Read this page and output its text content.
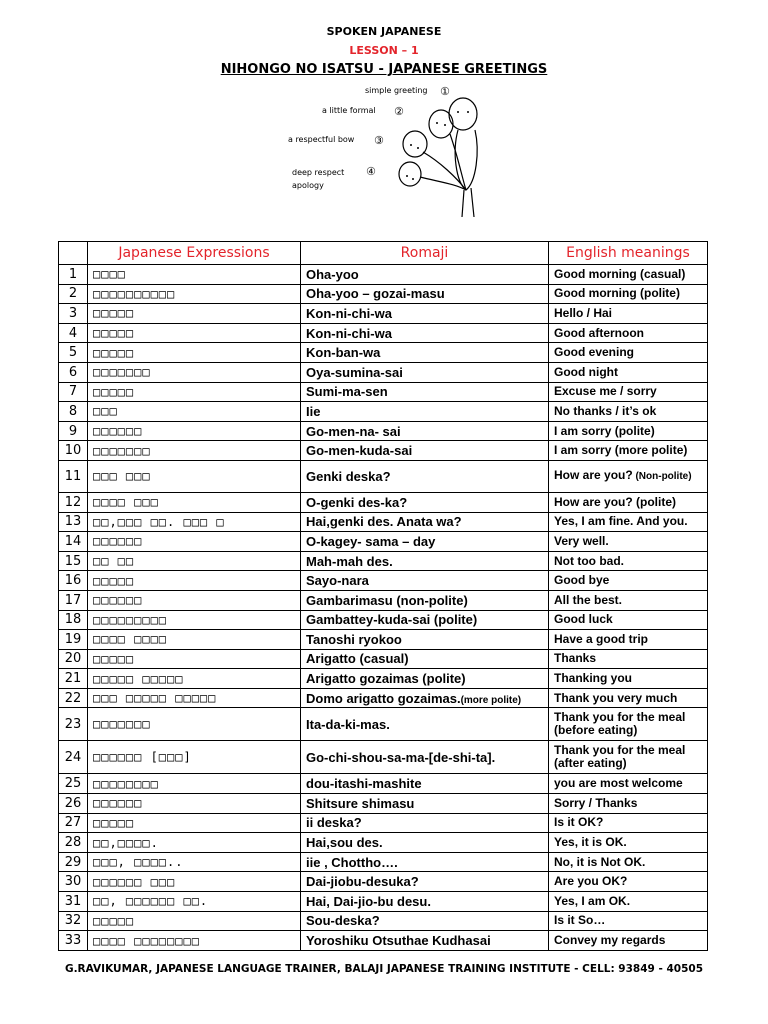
SPOKEN JAPANESE
LESSON – 1
NIHONGO NO ISATSU - JAPANESE GREETINGS
simple greeting
a little formal
a respectful bow
deep respect
apology
①
②
③
④
	Japanese Expressions	Romaji	English meanings
1	□□□□	Oha-yoo	Good morning (casual)
2	□□□□□□□□□□	Oha-yoo – gozai-masu	Good morning (polite)
3	□□□□□	Kon-ni-chi-wa	Hello / Hai
4	□□□□□	Kon-ni-chi-wa	Good afternoon
5	□□□□□	Kon-ban-wa	Good evening
6	□□□□□□□	Oya-sumina-sai	Good night
7	□□□□□	Sumi-ma-sen	Excuse me / sorry
8	□□□	Iie	No thanks / it’s ok
9	□□□□□□	Go-men-na- sai	I am sorry (polite)
10	□□□□□□□	Go-men-kuda-sai	I am sorry (more polite)
11	□□□ □□□	Genki deska?	How are you? (Non-polite)
12	□□□□ □□□	O-genki des-ka?	How are you? (polite)
13	□□,□□□ □□. □□□ □	Hai,genki des. Anata wa?	Yes, I am fine. And you.
14	□□□□□□	O-kagey- sama – day	Very well.
15	□□ □□	Mah-mah des.	Not too bad.
16	□□□□□	Sayo-nara	Good bye
17	□□□□□□	Gambarimasu (non-polite)	All the best.
18	□□□□□□□□□	Gambattey-kuda-sai (polite)	Good luck
19	□□□□ □□□□	Tanoshi ryokoo	Have a good trip
20	□□□□□	Arigatto (casual)	Thanks
21	□□□□□ □□□□□	Arigatto gozaimas (polite)	Thanking you
22	□□□ □□□□□ □□□□□	Domo arigatto gozaimas.(more polite)	Thank you very much
23	□□□□□□□	Ita-da-ki-mas.	Thank you for the meal (before eating)
24	□□□□□□ [□□□]	Go-chi-shou-sa-ma-[de-shi-ta].	Thank you for the meal (after eating)
25	□□□□□□□□	dou-itashi-mashite	you are most welcome
26	□□□□□□	Shitsure shimasu	Sorry / Thanks
27	□□□□□	ii deska?	Is it OK?
28	□□,□□□□.	Hai,sou des.	Yes, it is OK.
29	□□□, □□□□..	iie , Chottho….	No, it is Not OK.
30	□□□□□□ □□□	Dai-jiobu-desuka?	Are you OK?
31	□□, □□□□□□ □□.	Hai, Dai-jio-bu desu.	Yes, I am OK.
32	□□□□□	Sou-deska?	Is it So…
33	□□□□ □□□□□□□□	Yoroshiku Otsuthae Kudhasai	Convey my regards
G.RAVIKUMAR, JAPANESE LANGUAGE TRAINER, BALAJI JAPANESE TRAINING INSTITUTE - CELL: 93849 - 40505
